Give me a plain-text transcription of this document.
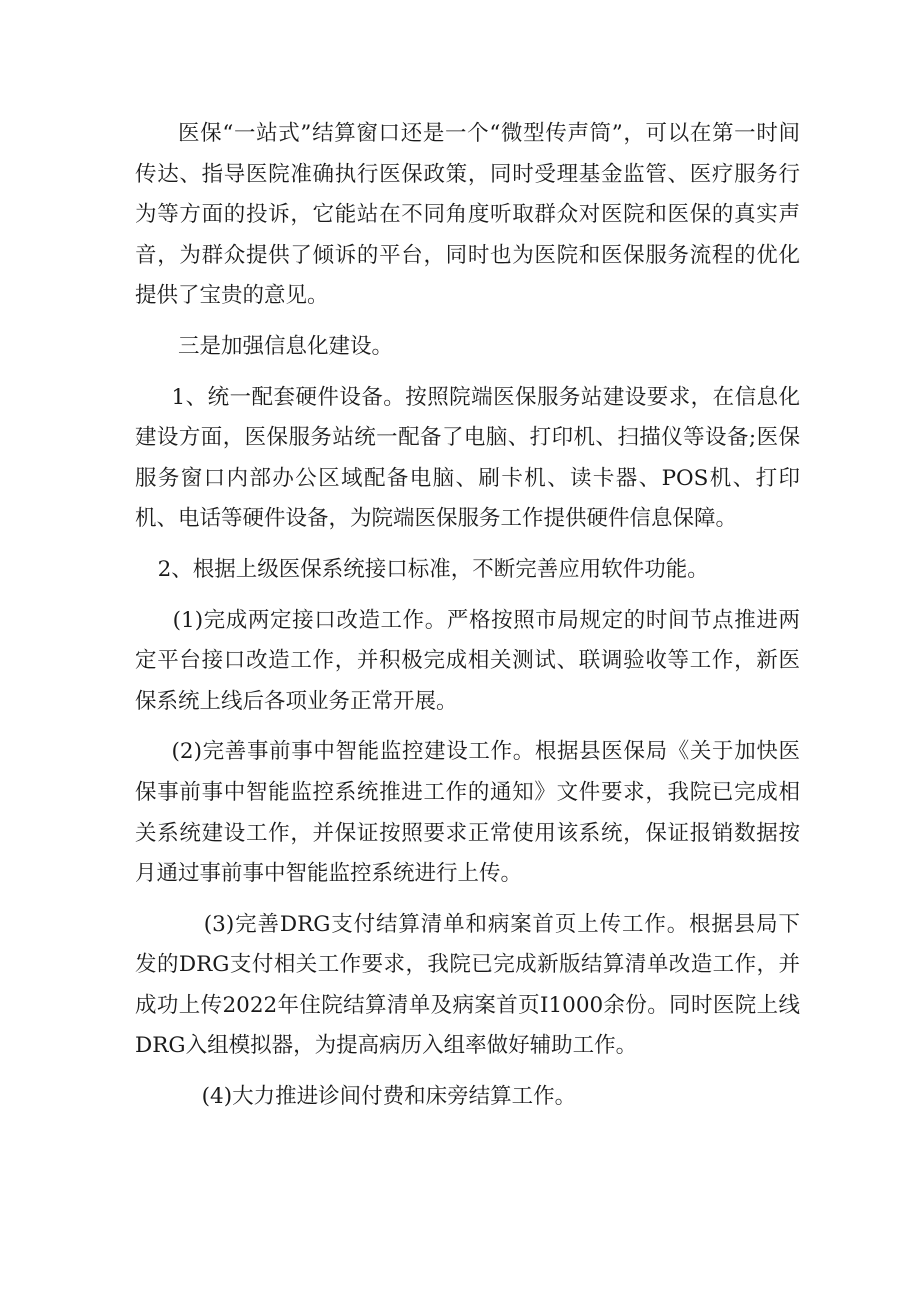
医保“一站式”结算窗口还是一个“微型传声筒”，可以在第一时间传达、指导医院准确执行医保政策，同时受理基金监管、医疗服务行为等方面的投诉，它能站在不同角度听取群众对医院和医保的真实声音，为群众提供了倾诉的平台，同时也为医院和医保服务流程的优化提供了宝贵的意见。

三是加强信息化建设。

1、统一配套硬件设备。按照院端医保服务站建设要求，在信息化建设方面，医保服务站统一配备了电脑、打印机、扫描仪等设备;医保服务窗口内部办公区域配备电脑、刷卡机、读卡器、POS机、打印机、电话等硬件设备，为院端医保服务工作提供硬件信息保障。

2、根据上级医保系统接口标准，不断完善应用软件功能。

(1)完成两定接口改造工作。严格按照市局规定的时间节点推进两定平台接口改造工作，并积极完成相关测试、联调验收等工作，新医保系统上线后各项业务正常开展。

(2)完善事前事中智能监控建设工作。根据县医保局《关于加快医保事前事中智能监控系统推进工作的通知》文件要求，我院已完成相关系统建设工作，并保证按照要求正常使用该系统，保证报销数据按月通过事前事中智能监控系统进行上传。

(3)完善DRG支付结算清单和病案首页上传工作。根据县局下发的DRG支付相关工作要求，我院已完成新版结算清单改造工作，并成功上传2022年住院结算清单及病案首页I1000余份。同时医院上线DRG入组模拟器，为提高病历入组率做好辅助工作。

(4)大力推进诊间付费和床旁结算工作。
